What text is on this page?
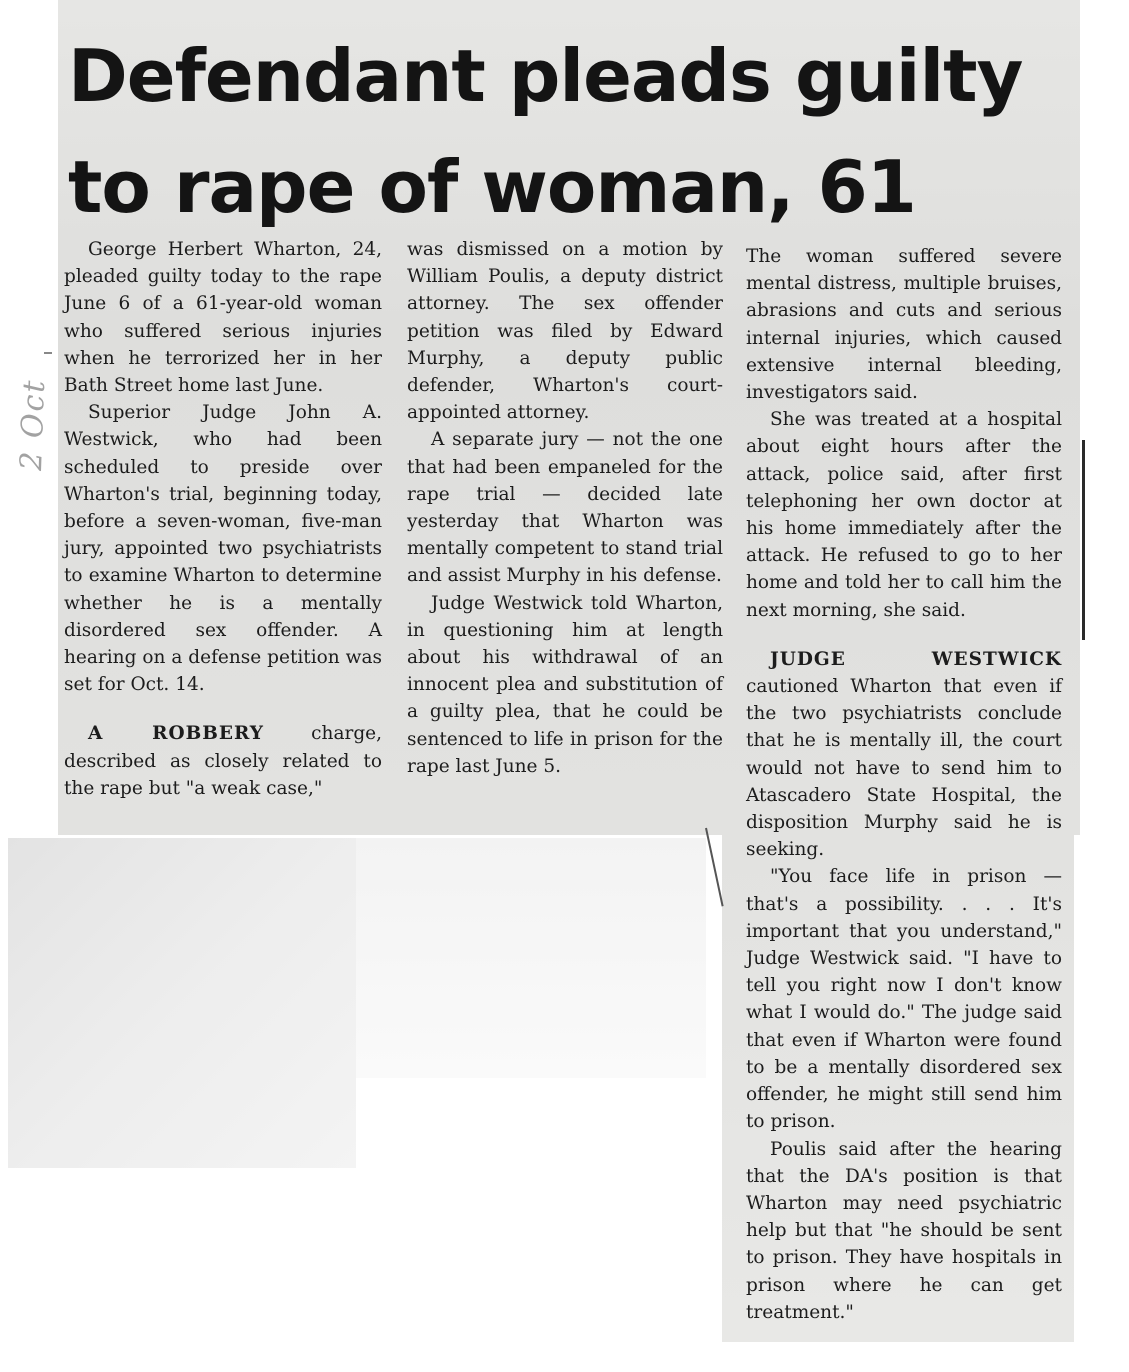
Defendant pleads guilty
to rape of woman, 61

George Herbert Wharton, 24, pleaded guilty today to the rape June 6 of a 61-year-old woman who suffered serious injuries when he terrorized her in her Bath Street home last June.

Superior Judge John A. Westwick, who had been scheduled to preside over Wharton's trial, beginning today, before a seven-woman, five-man jury, appointed two psychiatrists to examine Wharton to determine whether he is a mentally disordered sex offender. A hearing on a defense petition was set for Oct. 14.

A ROBBERY charge, described as closely related to the rape but "a weak case,"

was dismissed on a motion by William Poulis, a deputy district attorney. The sex offender petition was filed by Edward Murphy, a deputy public defender, Wharton's court-appointed attorney.

A separate jury — not the one that had been empaneled for the rape trial — decided late yesterday that Wharton was mentally competent to stand trial and assist Murphy in his defense.

Judge Westwick told Wharton, in questioning him at length about his withdrawal of an innocent plea and substitution of a guilty plea, that he could be sentenced to life in prison for the rape last June 5.

The woman suffered severe mental distress, multiple bruises, abrasions and cuts and serious internal injuries, which caused extensive internal bleeding, investigators said.

She was treated at a hospital about eight hours after the attack, police said, after first telephoning her own doctor at his home immediately after the attack. He refused to go to her home and told her to call him the next morning, she said.

JUDGE WESTWICK cautioned Wharton that even if the two psychiatrists conclude that he is mentally ill, the court would not have to send him to Atascadero State Hospital, the disposition Murphy said he is seeking.

"You face life in prison — that's a possibility. . . . It's important that you understand," Judge Westwick said. "I have to tell you right now I don't know what I would do." The judge said that even if Wharton were found to be a mentally disordered sex offender, he might still send him to prison.

Poulis said after the hearing that the DA's position is that Wharton may need psychiatric help but that "he should be sent to prison. They have hospitals in prison where he can get treatment."

2 Oct
